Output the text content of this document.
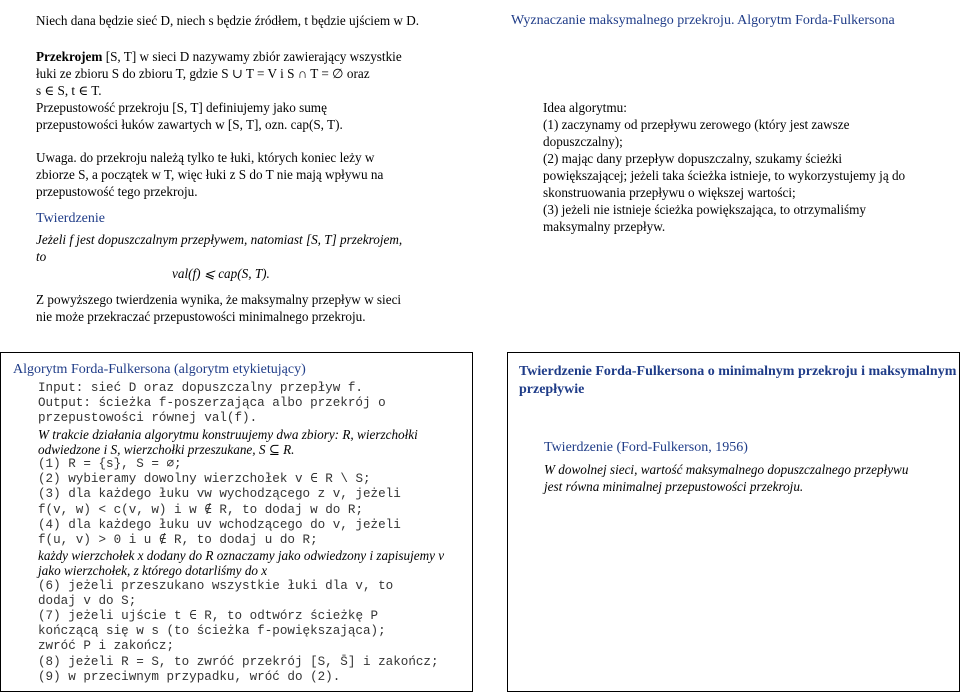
Niech dana będzie sieć D, niech s będzie źródłem, t będzie ujściem w D.

Przekrojem [S, T] w sieci D nazywamy zbiór zawierający wszystkie

łuki ze zbioru S do zbioru T, gdzie S ∪ T = V i S ∩ T = ∅ oraz

s ∈ S, t ∈ T.

Przepustowość przekroju [S, T] definiujemy jako sumę

przepustowości łuków zawartych w [S, T], ozn. cap(S, T).

Uwaga. do przekroju należą tylko te łuki, których koniec leży w

zbiorze S, a początek w T, więc łuki z S do T nie mają wpływu na

przepustowość tego przekroju.

Twierdzenie

Jeżeli f jest dopuszczalnym przepływem, natomiast [S, T] przekrojem,

to

val(f) ⩽ cap(S, T).

Z powyższego twierdzenia wynika, że maksymalny przepływ w sieci

nie może przekraczać przepustowości minimalnego przekroju.

Wyznaczanie maksymalnego przekroju. Algorytm Forda-Fulkersona

Idea algorytmu:

(1) zaczynamy od przepływu zerowego (który jest zawsze

dopuszczalny);

(2) mając dany przepływ dopuszczalny, szukamy ścieżki

powiększającej; jeżeli taka ścieżka istnieje, to wykorzystujemy ją do

skonstruowania przepływu o większej wartości;

(3) jeżeli nie istnieje ścieżka powiększająca, to otrzymaliśmy

maksymalny przepływ.

Algorytm Forda-Fulkersona (algorytm etykietujący)

Input: sieć D oraz dopuszczalny przepływ f.

Output: ścieżka f-poszerzająca albo przekrój o

przepustowości równej val(f).

W trakcie działania algorytmu konstruujemy dwa zbiory: R, wierzchołki

odwiedzone i S, wierzchołki przeszukane, S ⊆ R.

(1) R = {s}, S = ∅;

(2) wybieramy dowolny wierzchołek v ∈ R \ S;

(3) dla każdego łuku vw wychodzącego z v, jeżeli

f(v, w) < c(v, w) i w ∉ R, to dodaj w do R;

(4) dla każdego łuku uv wchodzącego do v, jeżeli

f(u, v) > 0 i u ∉ R, to dodaj u do R;

każdy wierzchołek x dodany do R oznaczamy jako odwiedzony i zapisujemy v

jako wierzchołek, z którego dotarliśmy do x

(6) jeżeli przeszukano wszystkie łuki dla v, to

dodaj v do S;

(7) jeżeli ujście t ∈ R, to odtwórz ścieżkę P

kończącą się w s (to ścieżka f-powiększająca);

zwróć P i zakończ;

(8) jeżeli R = S, to zwróć przekrój [S, S̄] i zakończ;

(9) w przeciwnym przypadku, wróć do (2).

Twierdzenie Forda-Fulkersona o minimalnym przekroju i maksymalnym

przepływie

Twierdzenie (Ford-Fulkerson, 1956)

W dowolnej sieci, wartość maksymalnego dopuszczalnego przepływu

jest równa minimalnej przepustowości przekroju.
